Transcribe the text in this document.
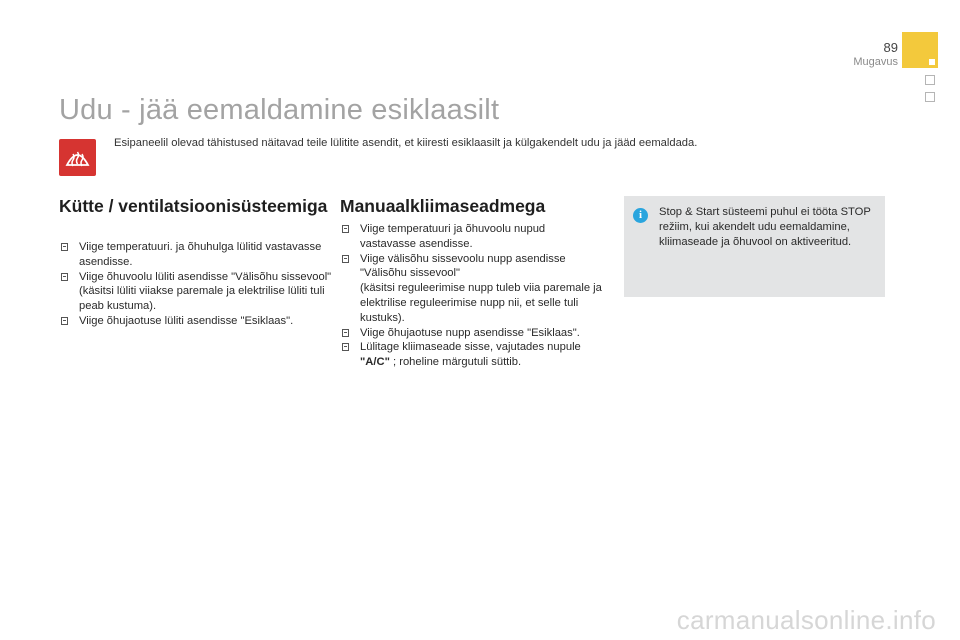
89
Mugavus
Udu - jää eemaldamine esiklaasilt
Esipaneelil olevad tähistused näitavad teile lülitite asendit, et kiiresti esiklaasilt ja külgakendelt udu ja jääd eemaldada.
Kütte / ventilatsioonisüsteemiga
Viige temperatuuri. ja õhuhulga lülitid vastavasse asendisse.
Viige õhuvoolu lüliti asendisse "Välisõhu sissevool"
(käsitsi lüliti viiakse paremale ja elektrilise lüliti tuli peab kustuma).
Viige õhujaotuse lüliti asendisse "Esiklaas".
Manuaalkliimaseadmega
Viige temperatuuri ja õhuvoolu nupud vastavasse asendisse.
Viige välisõhu sissevoolu nupp asendisse "Välisõhu sissevool"
(käsitsi reguleerimise nupp tuleb viia paremale ja elektrilise reguleerimise nupp nii, et selle tuli kustuks).
Viige õhujaotuse nupp asendisse "Esiklaas".
Lülitage kliimaseade sisse, vajutades nupule "A/C" ; roheline märgutuli süttib.
i	Stop & Start süsteemi puhul ei tööta STOP režiim, kui akendelt udu eemaldamine, kliimaseade ja õhuvool on aktiveeritud.
carmanualsonline.info
